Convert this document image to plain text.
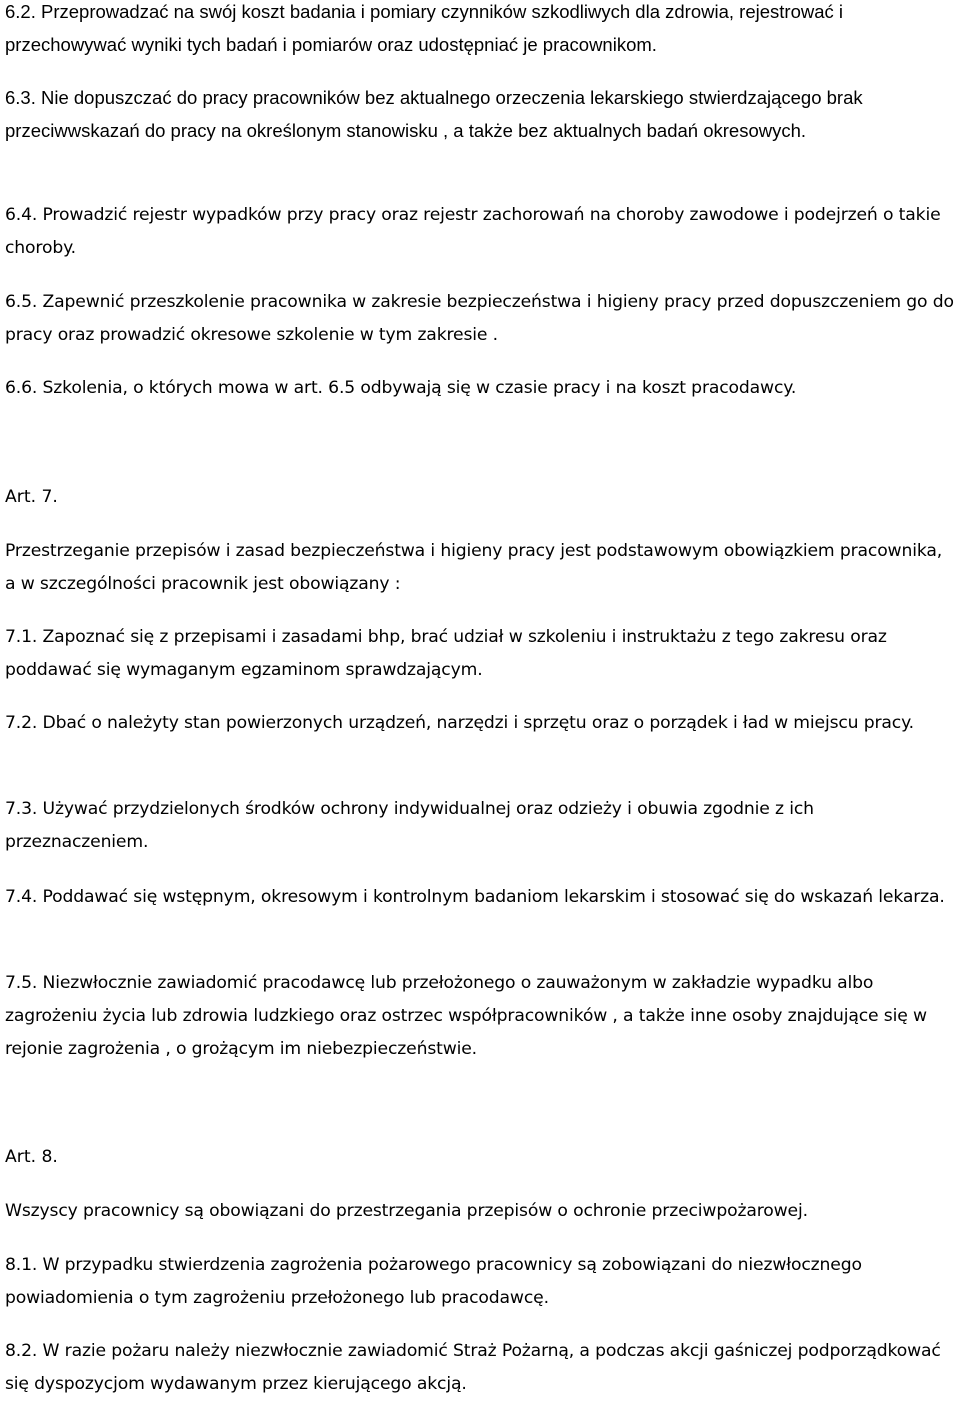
6.2. Przeprowadzać na swój koszt badania i pomiary czynników szkodliwych dla zdrowia, rejestrować i przechowywać wyniki tych badań i pomiarów oraz udostępniać je pracownikom.

6.3. Nie dopuszczać do pracy pracowników bez aktualnego orzeczenia lekarskiego stwierdzającego brak przeciwwskazań do pracy na określonym stanowisku , a także bez aktualnych badań okresowych.

6.4. Prowadzić rejestr wypadków przy pracy oraz rejestr zachorowań na choroby zawodowe i podejrzeń o takie choroby.

6.5. Zapewnić przeszkolenie pracownika w zakresie bezpieczeństwa i higieny pracy przed dopuszczeniem go do pracy oraz prowadzić okresowe szkolenie w tym zakresie .

6.6. Szkolenia, o których mowa w art. 6.5 odbywają się w czasie pracy i na koszt pracodawcy.

Art. 7.

Przestrzeganie przepisów i zasad bezpieczeństwa i higieny pracy jest podstawowym obowiązkiem pracownika, a w szczególności pracownik jest obowiązany :

7.1. Zapoznać się z przepisami i zasadami bhp, brać udział w szkoleniu i instruktażu z tego zakresu oraz poddawać się wymaganym egzaminom sprawdzającym.

7.2. Dbać o należyty stan powierzonych urządzeń, narzędzi i sprzętu oraz o porządek i ład w miejscu pracy.

7.3. Używać przydzielonych środków ochrony indywidualnej oraz odzieży i obuwia zgodnie z ich przeznaczeniem.

7.4. Poddawać się wstępnym, okresowym i kontrolnym badaniom lekarskim i stosować się do wskazań lekarza.

7.5. Niezwłocznie zawiadomić pracodawcę lub przełożonego o zauważonym w zakładzie wypadku albo zagrożeniu życia lub zdrowia ludzkiego oraz ostrzec współpracowników , a także inne osoby znajdujące się w rejonie zagrożenia , o grożącym im niebezpieczeństwie.

Art. 8.

Wszyscy pracownicy są obowiązani do przestrzegania przepisów o ochronie przeciwpożarowej.

8.1. W przypadku stwierdzenia zagrożenia pożarowego pracownicy są zobowiązani do niezwłocznego powiadomienia o tym zagrożeniu przełożonego lub pracodawcę.

8.2. W razie pożaru należy niezwłocznie zawiadomić Straż Pożarną, a podczas akcji gaśniczej podporządkować się dyspozycjom wydawanym przez kierującego akcją.
